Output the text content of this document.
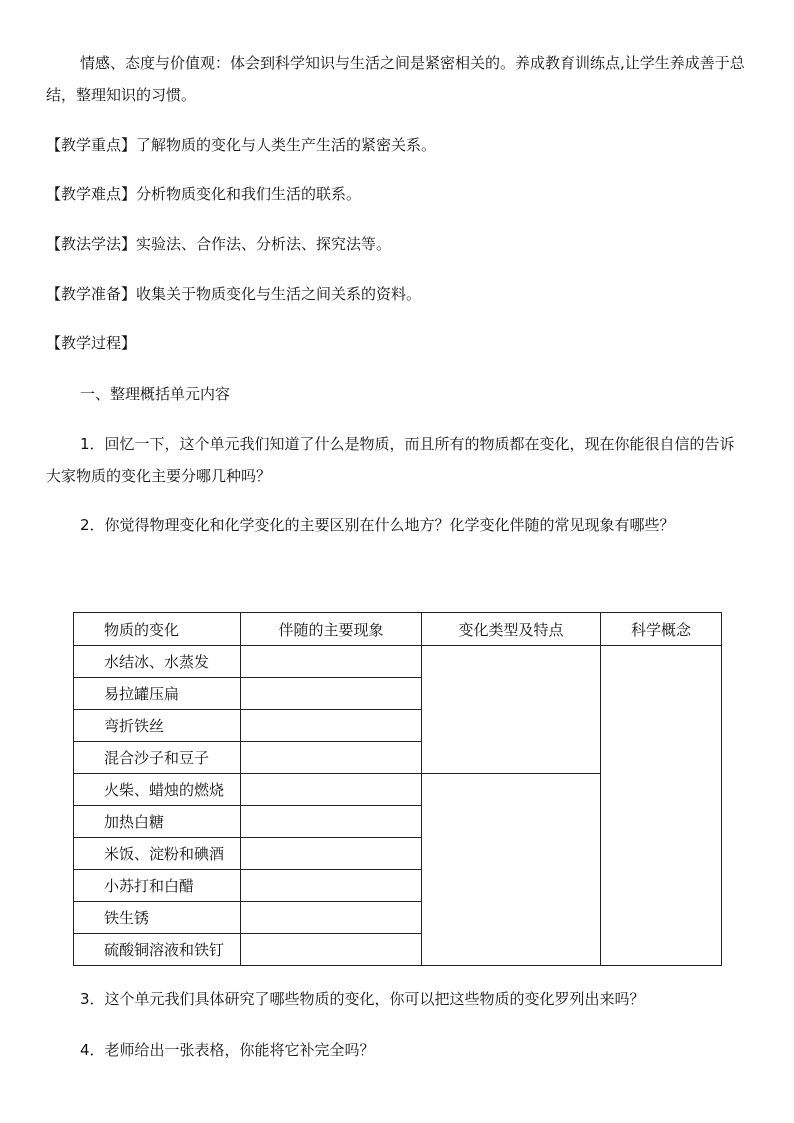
情感、态度与价值观：体会到科学知识与生活之间是紧密相关的。养成教育训练点,让学生养成善于总结，整理知识的习惯。

【教学重点】了解物质的变化与人类生产生活的紧密关系。

【教学难点】分析物质变化和我们生活的联系。

【教法学法】实验法、合作法、分析法、探究法等。

【教学准备】收集关于物质变化与生活之间关系的资料。

【教学过程】

一、整理概括单元内容

1．回忆一下，这个单元我们知道了什么是物质，而且所有的物质都在变化，现在你能很自信的告诉大家物质的变化主要分哪几种吗？

2．你觉得物理变化和化学变化的主要区别在什么地方？化学变化伴随的常见现象有哪些？

物质的变化	伴随的主要现象	变化类型及特点	科学概念
水结冰、水蒸发			
易拉罐压扁			
弯折铁丝			
混合沙子和豆子			
火柴、蜡烛的燃烧			
加热白糖			
米饭、淀粉和碘酒			
小苏打和白醋			
铁生锈			
硫酸铜溶液和铁钉			

3．这个单元我们具体研究了哪些物质的变化，你可以把这些物质的变化罗列出来吗？

4．老师给出一张表格，你能将它补完全吗？
